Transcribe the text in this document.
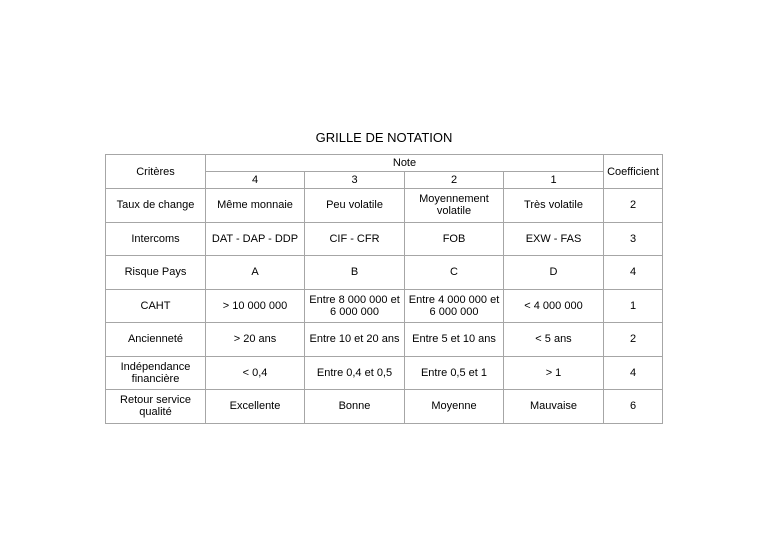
GRILLE DE NOTATION
Critères	Note				Coefficient
	4	3	2	1	
Taux de change	Même monnaie	Peu volatile	Moyennement volatile	Très volatile	2
Intercoms	DAT - DAP - DDP	CIF - CFR	FOB	EXW - FAS	3
Risque Pays	A	B	C	D	4
CAHT	> 10 000 000	Entre 8 000 000 et 6 000 000	Entre 4 000 000 et 6 000 000	< 4 000 000	1
Ancienneté	> 20 ans	Entre 10 et 20 ans	Entre 5 et 10 ans	< 5 ans	2
Indépendance financière	< 0,4	Entre 0,4 et 0,5	Entre 0,5 et 1	> 1	4
Retour service qualité	Excellente	Bonne	Moyenne	Mauvaise	6
